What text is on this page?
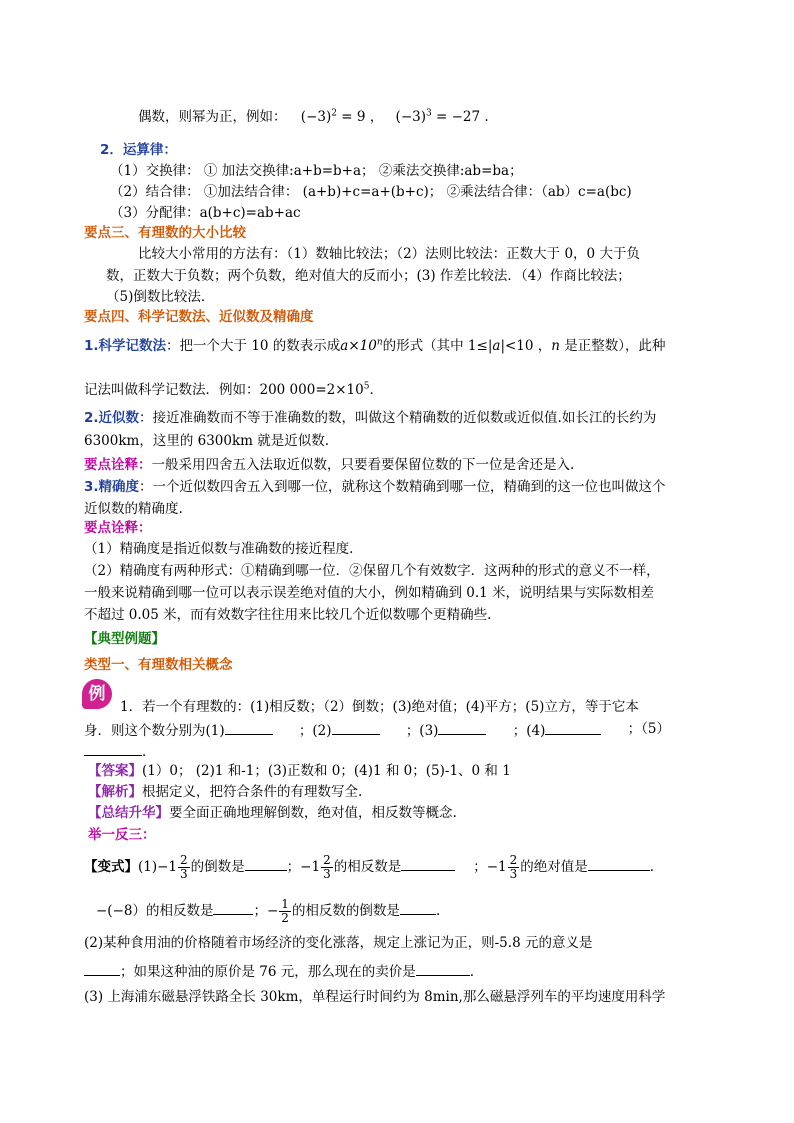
偶数，则幂为正，例如： $(-3)^2 = 9$ ， $(-3)^3 = -27$ .
2．运算律：
（1）交换律： ① 加法交换律:a+b=b+a； ②乘法交换律:ab=ba；
（2）结合律： ①加法结合律： (a+b)+c=a+(b+c)； ②乘法结合律：（ab）c=a(bc)
（3）分配律：a(b+c)=ab+ac
要点三、有理数的大小比较
比较大小常用的方法有：（1）数轴比较法；（2）法则比较法：正数大于 0，0 大于负
数，正数大于负数；两个负数，绝对值大的反而小；(3) 作差比较法．（4）作商比较法；
（5)倒数比较法．
要点四、科学记数法、近似数及精确度
1.科学记数法：把一个大于 10 的数表示成$a\times 10^n$的形式（其中 1≤|a|<10 ，n 是正整数），此种
记法叫做科学记数法．例如：200 $000=2\times 10^5$．
2.近似数：接近准确数而不等于准确数的数，叫做这个精确数的近似数或近似值.如长江的长约为
6300km，这里的 6300km 就是近似数.
要点诠释：一般采用四舍五入法取近似数，只要看要保留位数的下一位是舍还是入.
3.精确度：一个近似数四舍五入到哪一位，就称这个数精确到哪一位，精确到的这一位也叫做这个
近似数的精确度.
要点诠释：
（1）精确度是指近似数与准确数的接近程度.
（2）精确度有两种形式：①精确到哪一位．②保留几个有效数字．这两种的形式的意义不一样，
一般来说精确到哪一位可以表示误差绝对值的大小，例如精确到 0.1 米，说明结果与实际数相差
不超过 0.05 米，而有效数字往往用来比较几个近似数哪个更精确些.
【典型例题】
类型一、有理数相关概念
例
1．若一个有理数的：(1)相反数；（2）倒数；(3)绝对值；(4)平方；(5)立方，等于它本
身．则这个数分别为(1)	；(2)	；(3)	；(4)	；（5）
．
【答案】(1）0； (2)1 和-1；(3)正数和 0；(4)1 和 0；(5)-1、0 和 1
【解析】根据定义，把符合条件的有理数写全.
【总结升华】要全面正确地理解倒数，绝对值，相反数等概念.
举一反三：
【变式】$(1)-1 \frac{2}{3}$ 的倒数是	；$-1 \frac{2}{3}$ 的相反数是	；$-1 \frac{2}{3}$ 的绝对值是	.
−(−8）的相反数是	；− $\frac{1}{2}$ 的相反数的倒数是	.
(2)某种食用油的价格随着市场经济的变化涨落，规定上涨记为正，则-5.8 元的意义是
；如果这种油的原价是 76 元，那么现在的卖价是	.
(3) 上海浦东磁悬浮铁路全长 30km，单程运行时间约为 8min,那么磁悬浮列车的平均速度用科学
